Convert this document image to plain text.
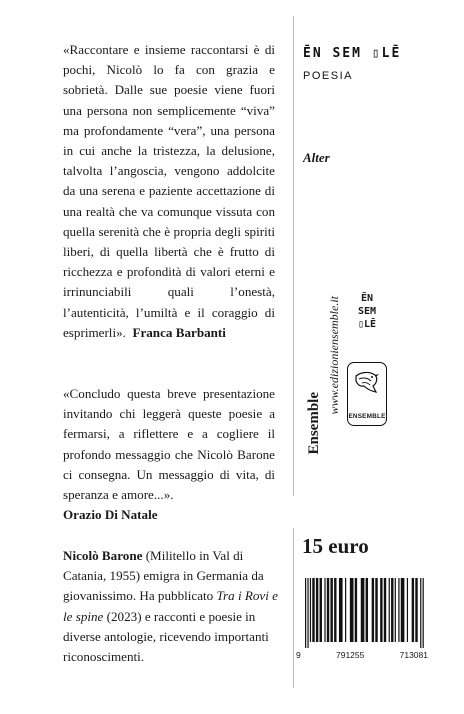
«Raccontare e insieme raccontarsi è di pochi, Nicolò lo fa con grazia e sobrietà. Dalle sue poesie viene fuori una persona non semplicemente “viva” ma profondamente “vera”, una persona in cui anche la tristezza, la delusione, talvolta l’angoscia, vengono addolcite da una serena e paziente accettazione di una realtà che va comunque vissuta con quella serenità che è propria degli spiriti liberi, di quella libertà che è frutto di ricchezza e profondità di valori eterni e irrinunciabili quali l’onestà, l’autenticità, l’umiltà e il coraggio di esprimerli». Franca Barbanti

«Concludo questa breve presentazione invitando chi leggerà queste poesie a fermarsi, a riflettere e a cogliere il profondo messaggio che Nicolò Barone ci consegna. Un messaggio di vita, di speranza e amore...».
Orazio Di Natale

Nicolò Barone (Militello in Val di Catania, 1955) emigra in Germania da giovanissimo. Ha pubblicato Tra i Rovi e le spine (2023) e racconti e poesie in diverse antologie, ricevendo importanti riconoscimenti.

ĒN SEM ▯LĒ
POESIA
Alter
ĒN
SEM
▯LĒ
Ensemble
www.edizioniensemble.it
ENSEMBLE
15 euro
9	791255	713081
